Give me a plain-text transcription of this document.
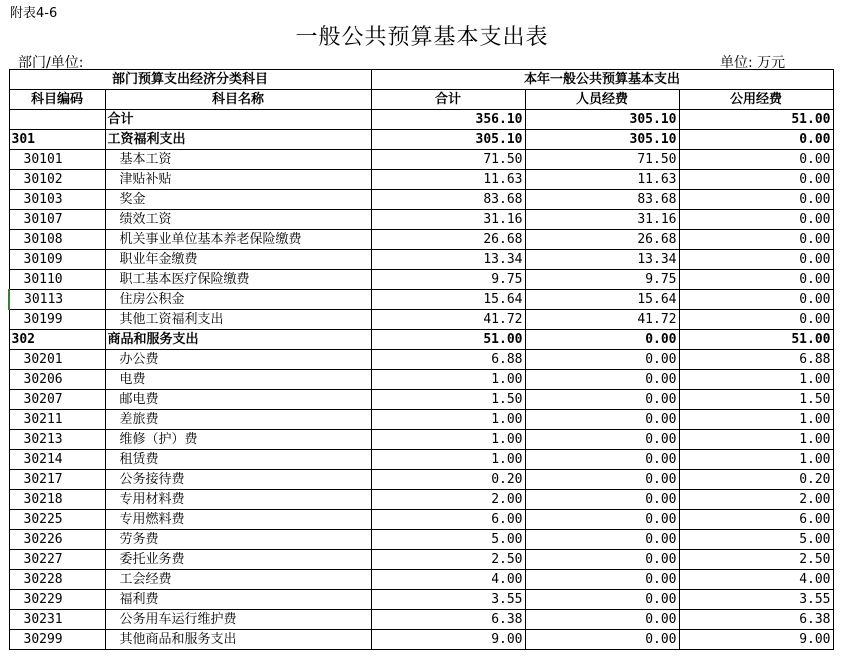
附表4-6
一般公共预算基本支出表
部门/单位:	单位: 万元
部门预算支出经济分类科目		本年一般公共预算基本支出		
科目编码	科目名称	合计	人员经费	公用经费
	合计	356.10	305.10	51.00
301	工资福利支出	305.10	305.10	0.00
30101	基本工资	71.50	71.50	0.00
30102	津贴补贴	11.63	11.63	0.00
30103	奖金	83.68	83.68	0.00
30107	绩效工资	31.16	31.16	0.00
30108	机关事业单位基本养老保险缴费	26.68	26.68	0.00
30109	职业年金缴费	13.34	13.34	0.00
30110	职工基本医疗保险缴费	9.75	9.75	0.00
30113	住房公积金	15.64	15.64	0.00
30199	其他工资福利支出	41.72	41.72	0.00
302	商品和服务支出	51.00	0.00	51.00
30201	办公费	6.88	0.00	6.88
30206	电费	1.00	0.00	1.00
30207	邮电费	1.50	0.00	1.50
30211	差旅费	1.00	0.00	1.00
30213	维修（护）费	1.00	0.00	1.00
30214	租赁费	1.00	0.00	1.00
30217	公务接待费	0.20	0.00	0.20
30218	专用材料费	2.00	0.00	2.00
30225	专用燃料费	6.00	0.00	6.00
30226	劳务费	5.00	0.00	5.00
30227	委托业务费	2.50	0.00	2.50
30228	工会经费	4.00	0.00	4.00
30229	福利费	3.55	0.00	3.55
30231	公务用车运行维护费	6.38	0.00	6.38
30299	其他商品和服务支出	9.00	0.00	9.00
